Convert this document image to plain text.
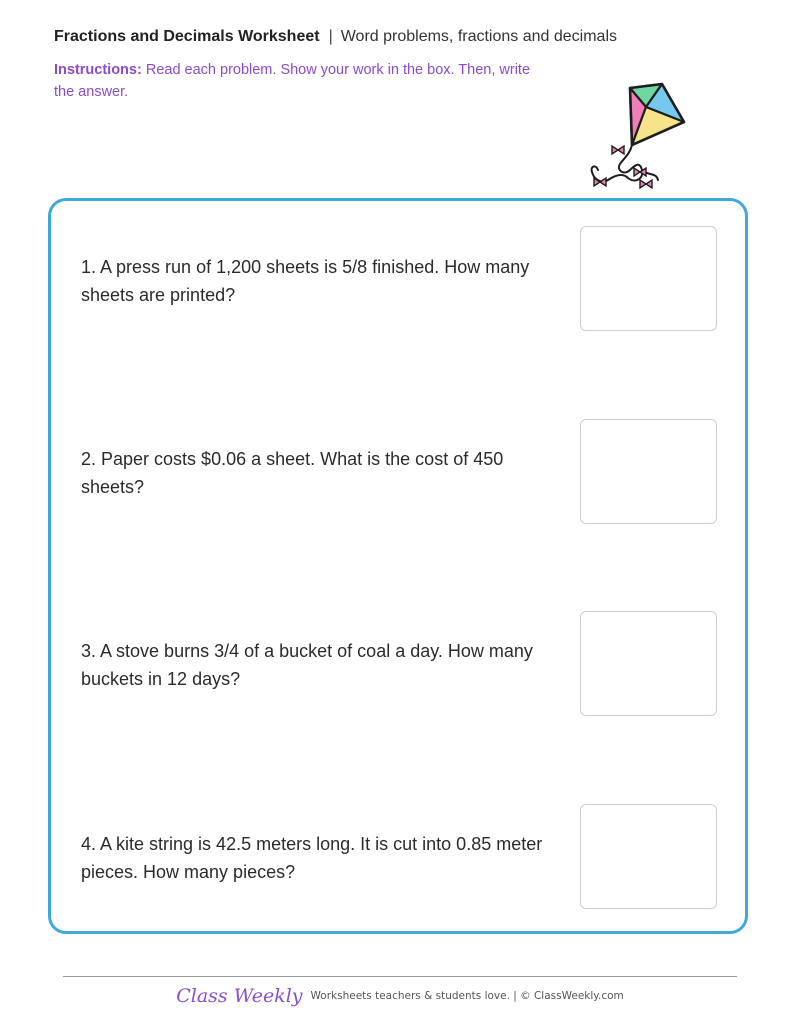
Fractions and Decimals Worksheet | Word problems, fractions and decimals
Instructions: Read each problem. Show your work in the box. Then, write the answer.
1. A press run of 1,200 sheets is 5/8 finished. How many sheets are printed?
2. Paper costs $0.06 a sheet. What is the cost of 450 sheets?
3. A stove burns 3/4 of a bucket of coal a day. How many buckets in 12 days?
4. A kite string is 42.5 meters long. It is cut into 0.85 meter pieces. How many pieces?
Class Weekly Worksheets teachers & students love. | © ClassWeekly.com
